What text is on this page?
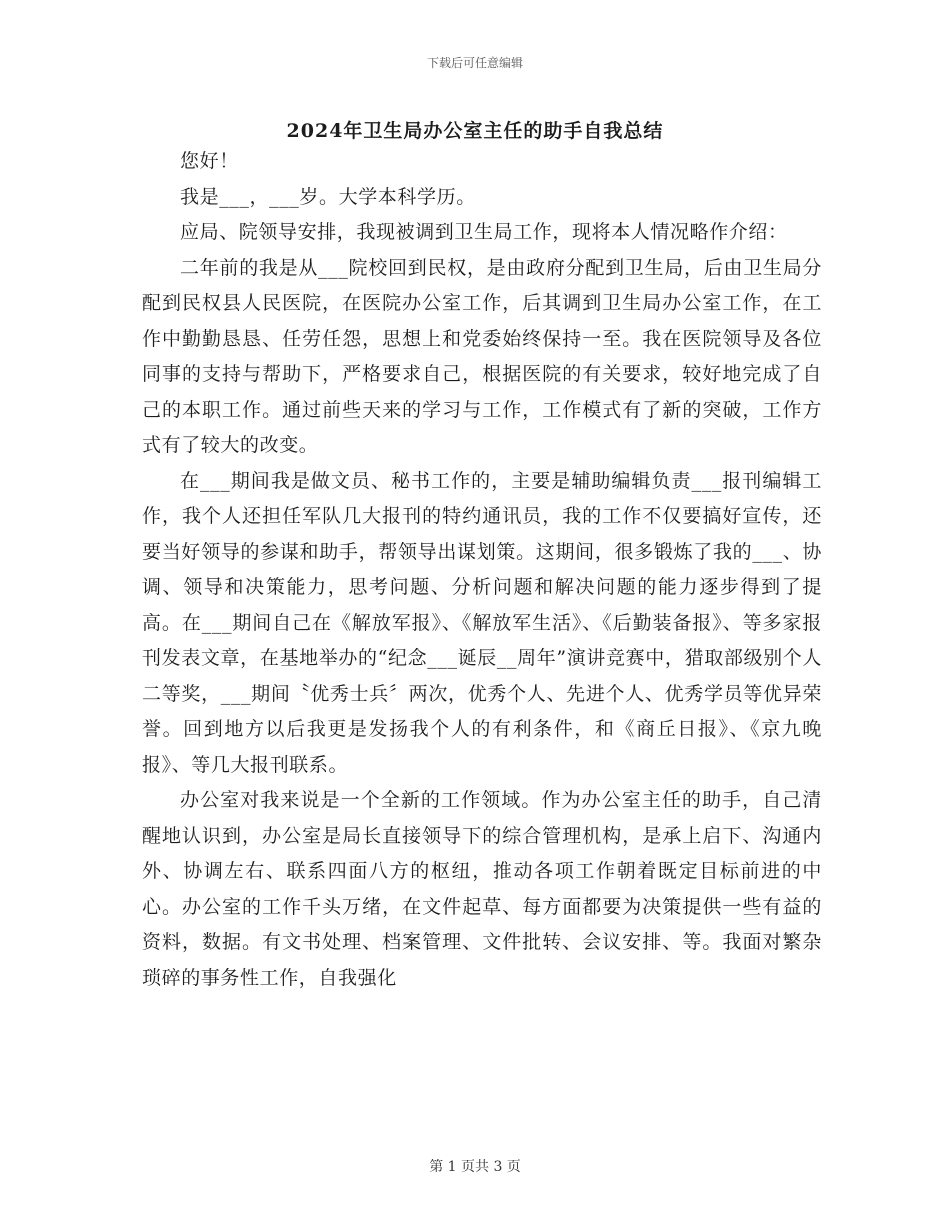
下载后可任意编辑
2024年卫生局办公室主任的助手自我总结

您好！

我是___，___岁。大学本科学历。

应局、院领导安排，我现被调到卫生局工作，现将本人情况略作介绍：

二年前的我是从___院校回到民权，是由政府分配到卫生局，后由卫生局分配到民权县人民医院，在医院办公室工作，后其调到卫生局办公室工作，在工作中勤勤恳恳、任劳任怨，思想上和党委始终保持一至。我在医院领导及各位同事的支持与帮助下，严格要求自己，根据医院的有关要求，较好地完成了自己的本职工作。通过前些天来的学习与工作，工作模式有了新的突破，工作方式有了较大的改变。

在___期间我是做文员、秘书工作的，主要是辅助编辑负责___报刊编辑工作，我个人还担任军队几大报刊的特约通讯员，我的工作不仅要搞好宣传，还要当好领导的参谋和助手，帮领导出谋划策。这期间，很多锻炼了我的___、协调、领导和决策能力，思考问题、分析问题和解决问题的能力逐步得到了提高。在___期间自己在《解放军报》、《解放军生活》、《后勤装备报》、等多家报刊发表文章，在基地举办的“纪念___诞辰__周年”演讲竞赛中，猎取部级别个人二等奖，___期间〝优秀士兵〞两次，优秀个人、先进个人、优秀学员等优异荣誉。回到地方以后我更是发扬我个人的有利条件，和《商丘日报》、《京九晚报》、等几大报刊联系。

办公室对我来说是一个全新的工作领域。作为办公室主任的助手，自己清醒地认识到，办公室是局长直接领导下的综合管理机构，是承上启下、沟通内外、协调左右、联系四面八方的枢纽，推动各项工作朝着既定目标前进的中心。办公室的工作千头万绪，在文件起草、每方面都要为决策提供一些有益的资料，数据。有文书处理、档案管理、文件批转、会议安排、等。我面对繁杂琐碎的事务性工作，自我强化

第 1 页共 3 页
